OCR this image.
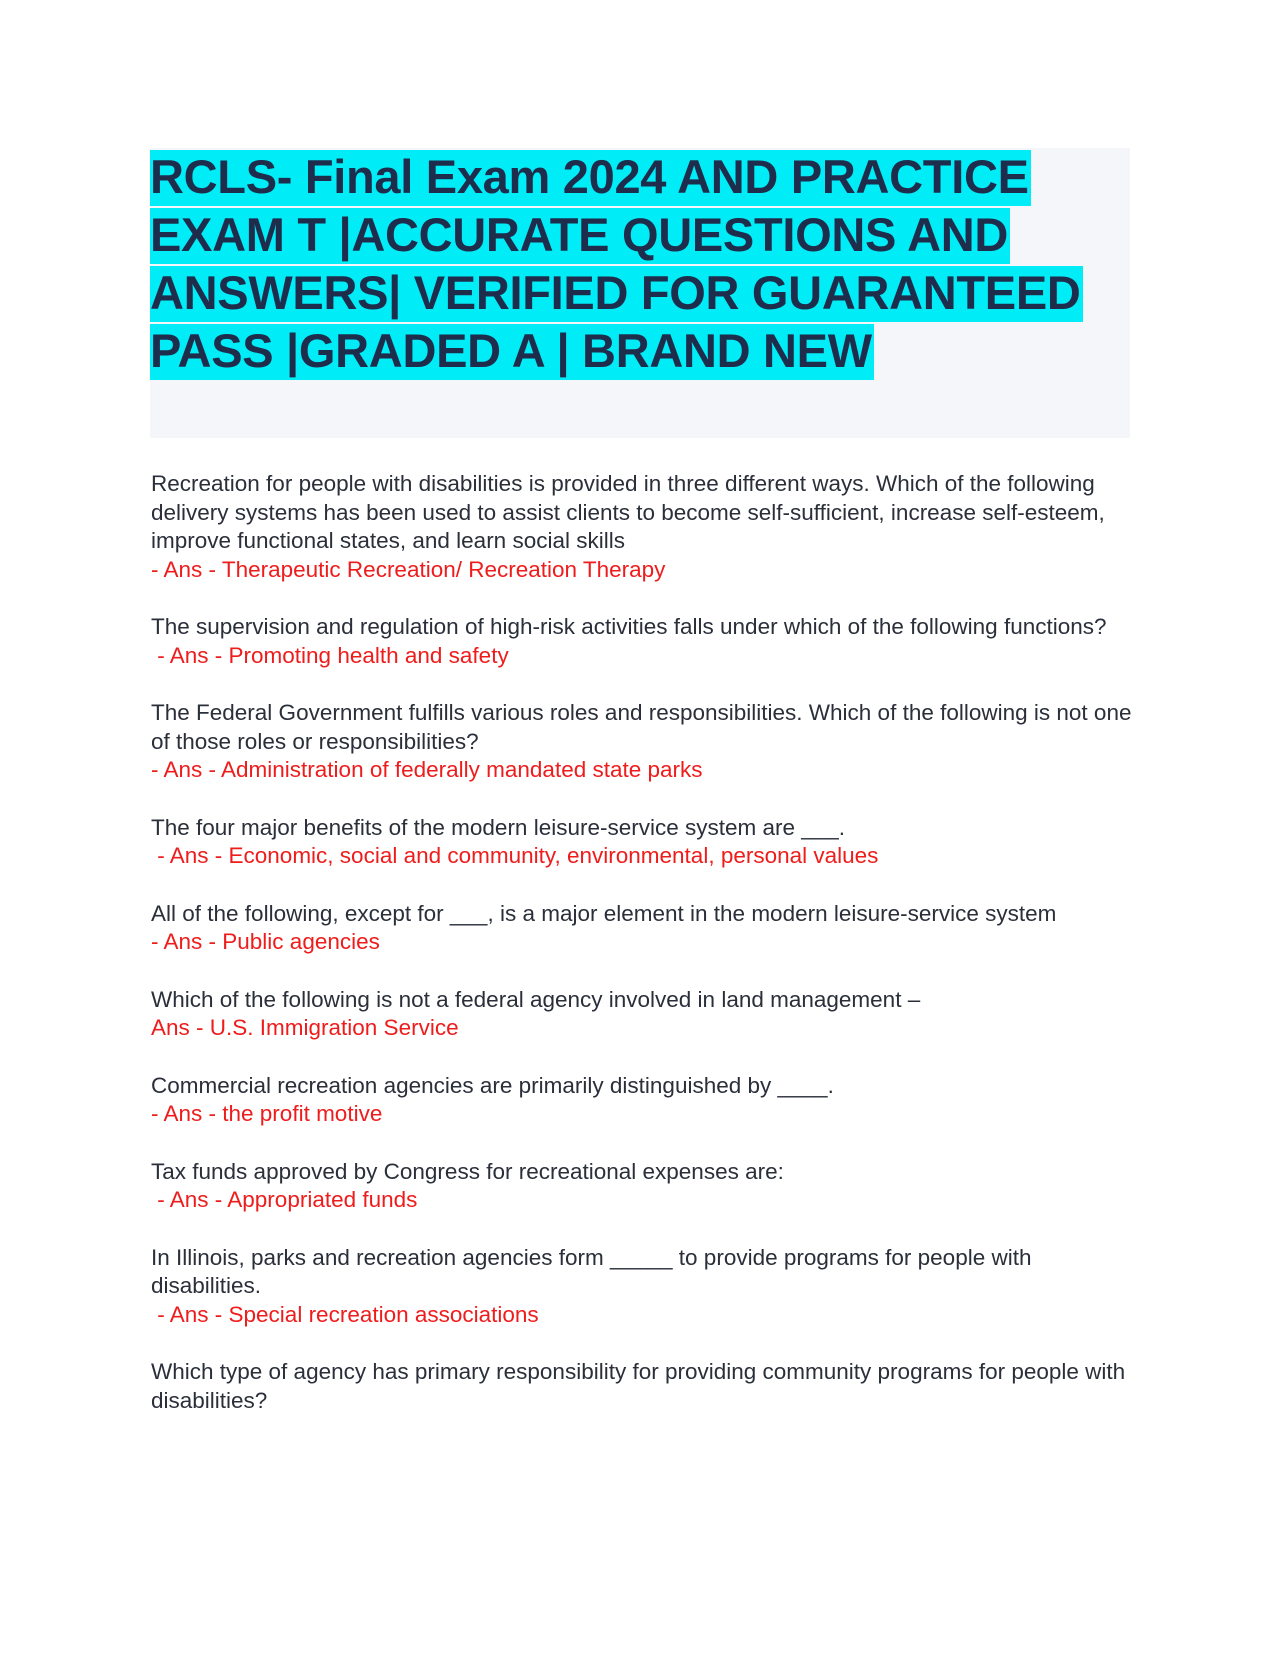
RCLS- Final Exam 2024 AND PRACTICE EXAM T |ACCURATE QUESTIONS AND ANSWERS| VERIFIED FOR GUARANTEED PASS |GRADED A | BRAND NEW

Recreation for people with disabilities is provided in three different ways. Which of the following delivery systems has been used to assist clients to become self-sufficient, increase self-esteem, improve functional states, and learn social skills

- Ans - Therapeutic Recreation/ Recreation Therapy

The supervision and regulation of high-risk activities falls under which of the following functions?

- Ans - Promoting health and safety

The Federal Government fulfills various roles and responsibilities. Which of the following is not one of those roles or responsibilities?

- Ans - Administration of federally mandated state parks

The four major benefits of the modern leisure-service system are ___.

- Ans - Economic, social and community, environmental, personal values

All of the following, except for ___, is a major element in the modern leisure-service system

- Ans - Public agencies

Which of the following is not a federal agency involved in land management –

Ans - U.S. Immigration Service

Commercial recreation agencies are primarily distinguished by ____.

- Ans - the profit motive

Tax funds approved by Congress for recreational expenses are:

- Ans - Appropriated funds

In Illinois, parks and recreation agencies form _____ to provide programs for people with disabilities.

- Ans - Special recreation associations

Which type of agency has primary responsibility for providing community programs for people with disabilities?
